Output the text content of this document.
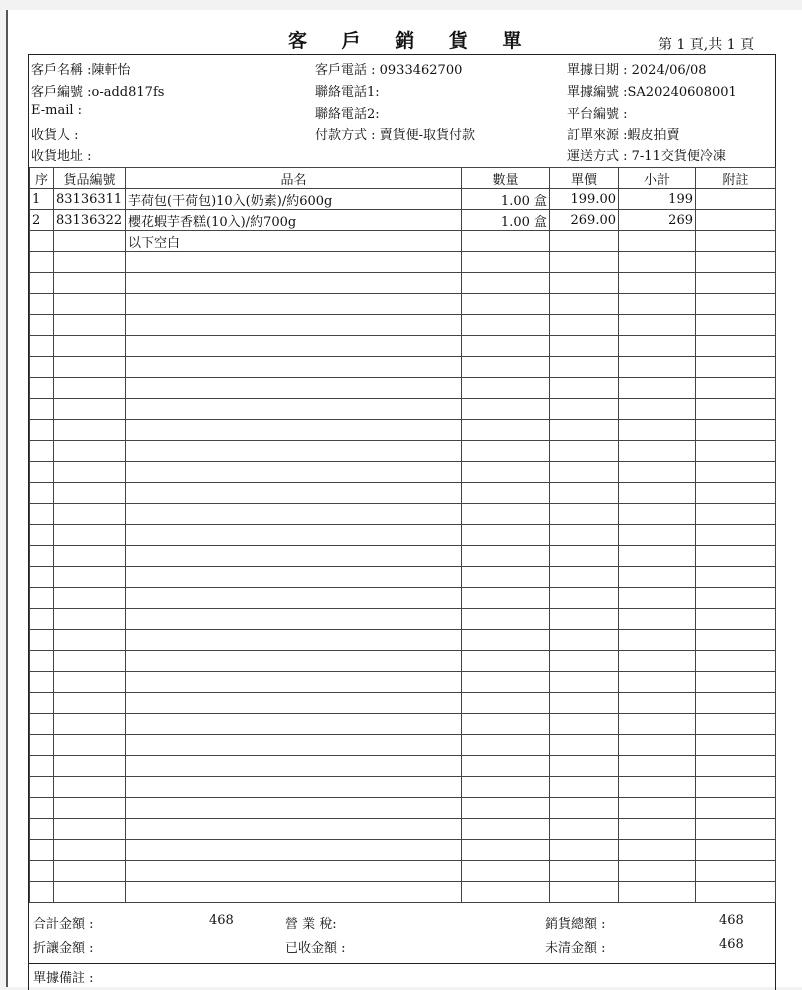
客 戶 銷 貨 單	第 1 頁,共 1 頁
客戶名稱 :陳軒怡
客戶編號 :o-add817fs
E-mail :
收貨人 :
收貨地址 :
客戶電話 : 0933462700
聯絡電話1:
聯絡電話2:
付款方式 : 賣貨便-取貨付款
單據日期 : 2024/06/08
單據編號 :SA20240608001
平台編號 :
訂單來源 :蝦皮拍賣
運送方式 : 7-11交貨便冷凍
序	貨品編號	品名	數量	單價	小計	附註
1	83136311	芋荷包(干荷包)10入(奶素)/約600g	1.00 盒	199.00	199	
2	83136322	櫻花蝦芋香糕(10入)/約700g	1.00 盒	269.00	269	
		以下空白				

合計金額 :	468	營 業 稅:	銷貨總額 :	468
折讓金額 :	已收金額 :	未清金額 :	468
單據備註 :
